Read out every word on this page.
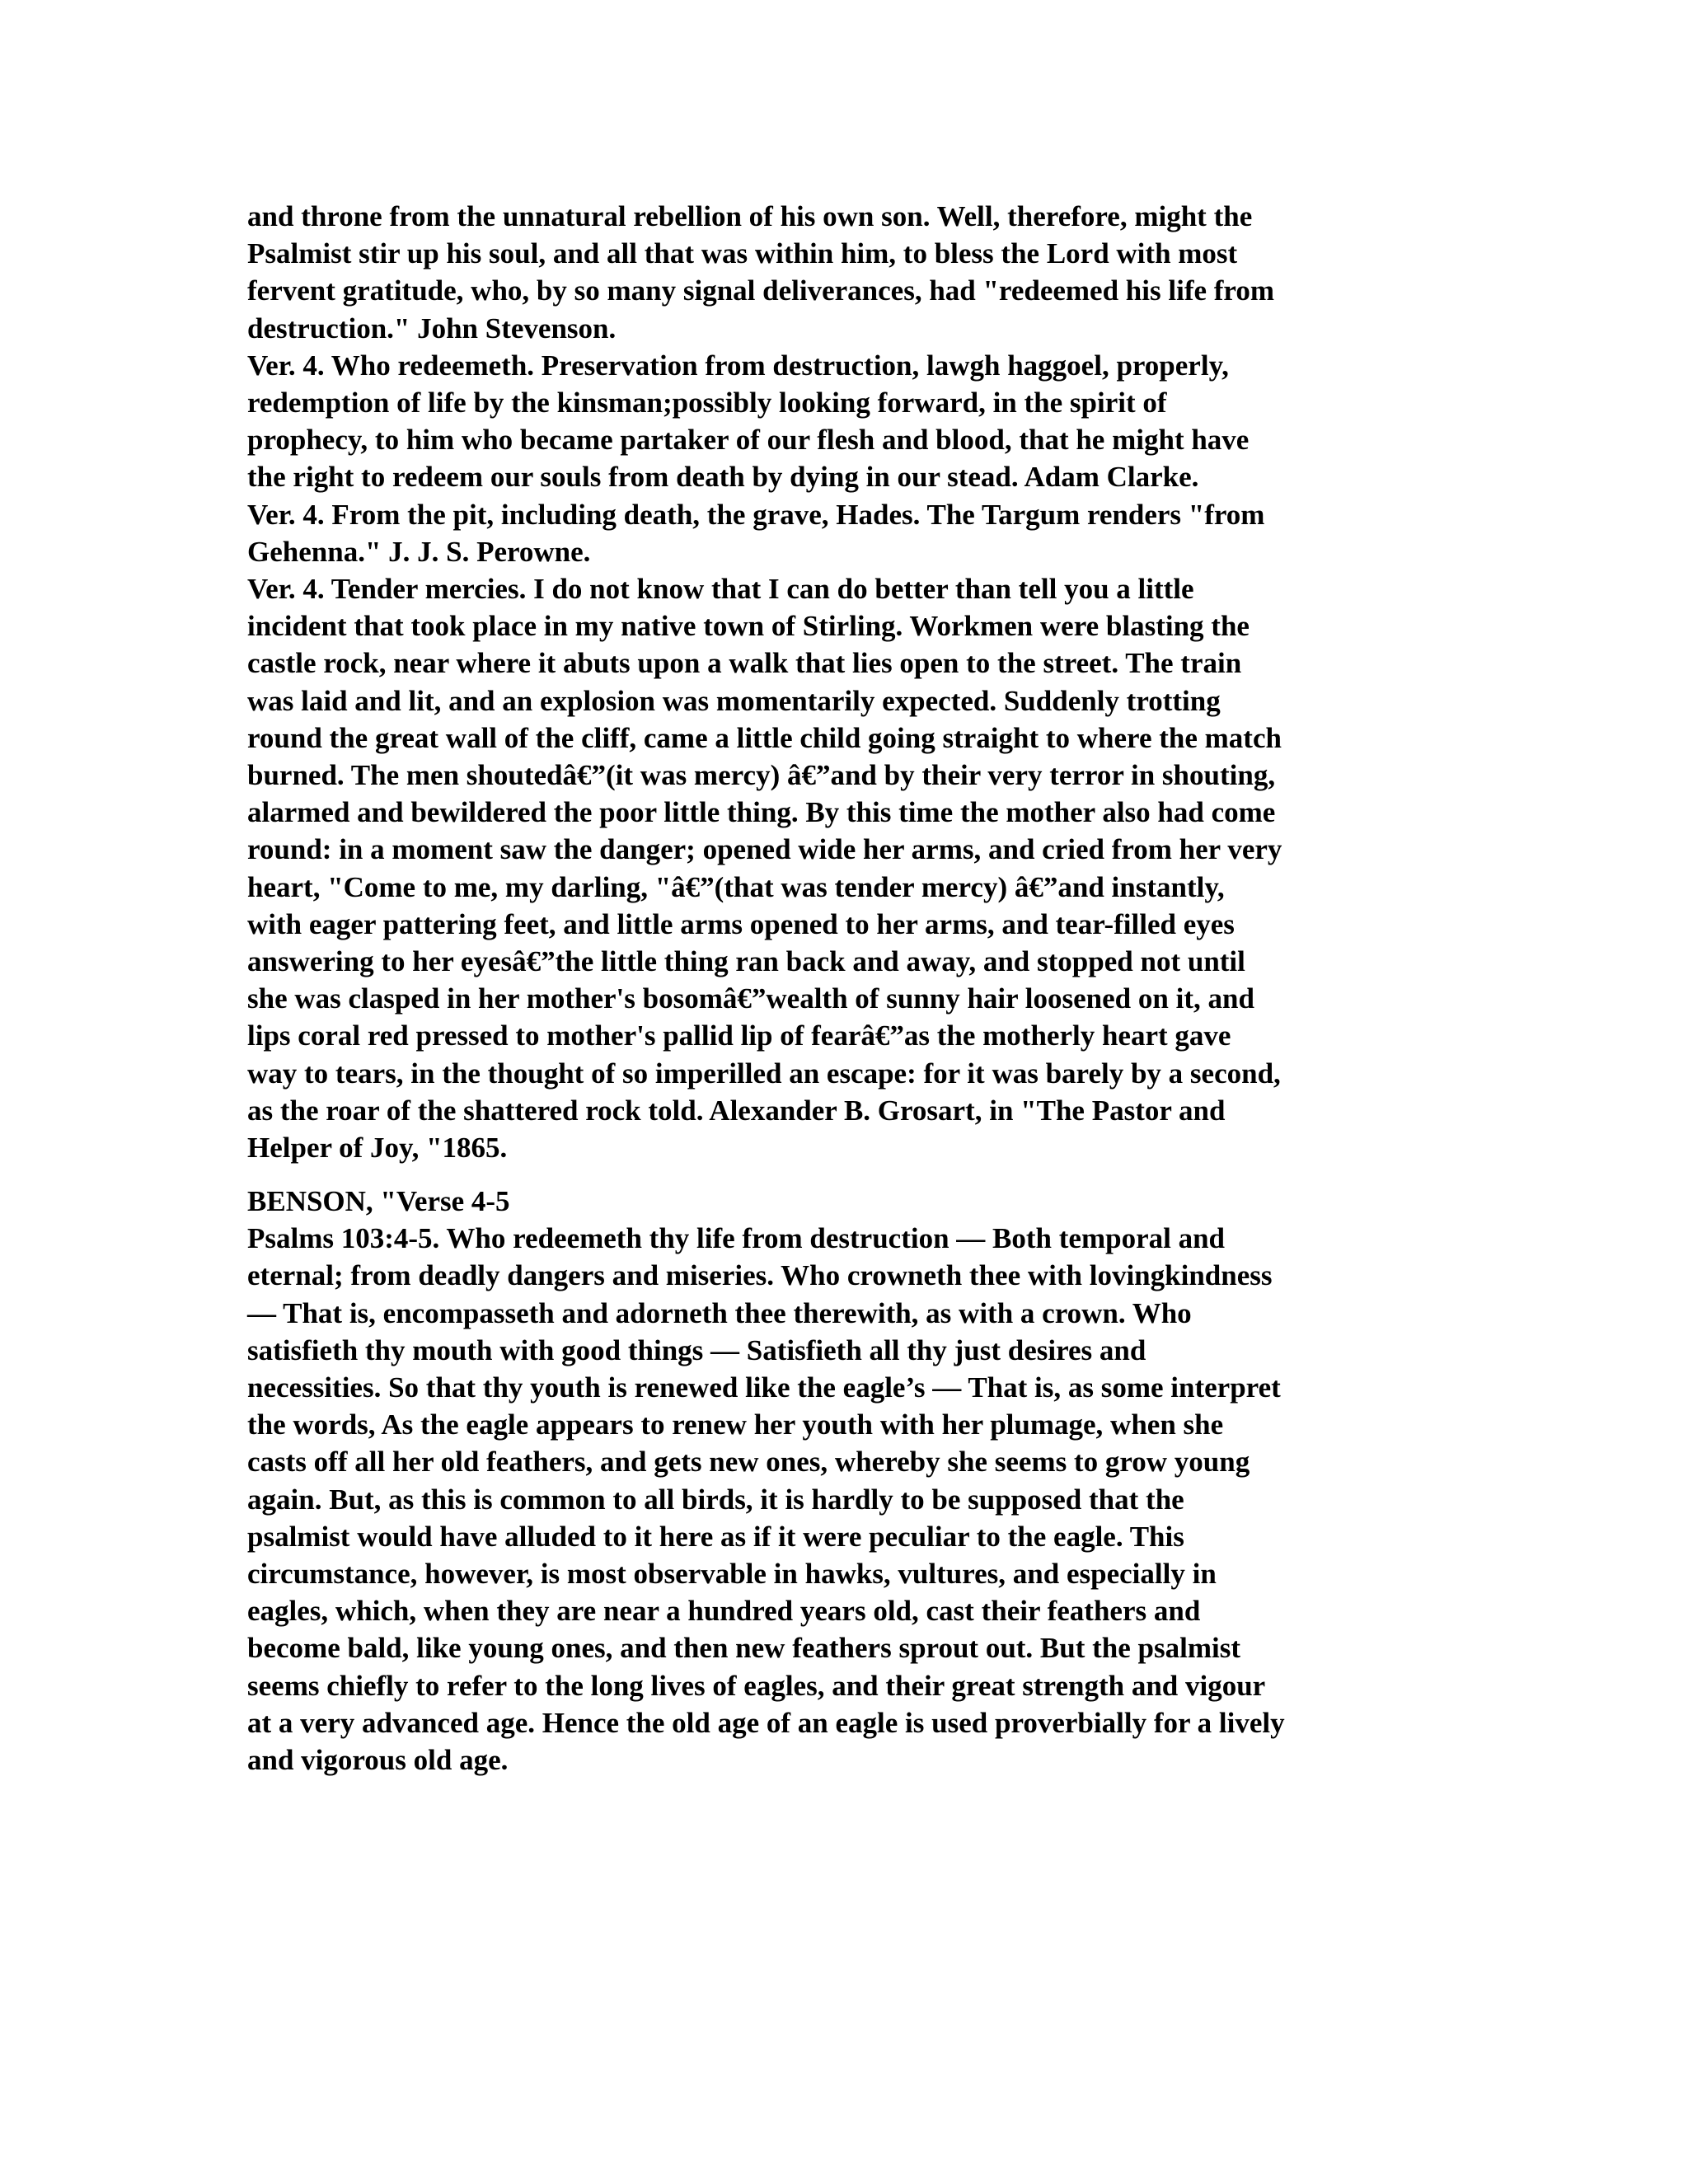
and throne from the unnatural rebellion of his own son. Well, therefore, might the
Psalmist stir up his soul, and all that was within him, to bless the Lord with most
fervent gratitude, who, by so many signal deliverances, had "redeemed his life from
destruction." John Stevenson.
Ver. 4. Who redeemeth. Preservation from destruction, lawgh haggoel, properly,
redemption of life by the kinsman;possibly looking forward, in the spirit of
prophecy, to him who became partaker of our flesh and blood, that he might have
the right to redeem our souls from death by dying in our stead. Adam Clarke.
Ver. 4. From the pit, including death, the grave, Hades. The Targum renders "from
Gehenna." J. J. S. Perowne.
Ver. 4. Tender mercies. I do not know that I can do better than tell you a little
incident that took place in my native town of Stirling. Workmen were blasting the
castle rock, near where it abuts upon a walk that lies open to the street. The train
was laid and lit, and an explosion was momentarily expected. Suddenly trotting
round the great wall of the cliff, came a little child going straight to where the match
burned. The men shoutedâ€”(it was mercy) â€”and by their very terror in shouting,
alarmed and bewildered the poor little thing. By this time the mother also had come
round: in a moment saw the danger; opened wide her arms, and cried from her very
heart, "Come to me, my darling, "â€”(that was tender mercy) â€”and instantly,
with eager pattering feet, and little arms opened to her arms, and tear-filled eyes
answering to her eyesâ€”the little thing ran back and away, and stopped not until
she was clasped in her mother's bosomâ€”wealth of sunny hair loosened on it, and
lips coral red pressed to mother's pallid lip of fearâ€”as the motherly heart gave
way to tears, in the thought of so imperilled an escape: for it was barely by a second,
as the roar of the shattered rock told. Alexander B. Grosart, in "The Pastor and
Helper of Joy, "1865.
BENSON, "Verse 4-5
Psalms 103:4-5. Who redeemeth thy life from destruction — Both temporal and
eternal; from deadly dangers and miseries. Who crowneth thee with lovingkindness
— That is, encompasseth and adorneth thee therewith, as with a crown. Who
satisfieth thy mouth with good things — Satisfieth all thy just desires and
necessities. So that thy youth is renewed like the eagle’s — That is, as some interpret
the words, As the eagle appears to renew her youth with her plumage, when she
casts off all her old feathers, and gets new ones, whereby she seems to grow young
again. But, as this is common to all birds, it is hardly to be supposed that the
psalmist would have alluded to it here as if it were peculiar to the eagle. This
circumstance, however, is most observable in hawks, vultures, and especially in
eagles, which, when they are near a hundred years old, cast their feathers and
become bald, like young ones, and then new feathers sprout out. But the psalmist
seems chiefly to refer to the long lives of eagles, and their great strength and vigour
at a very advanced age. Hence the old age of an eagle is used proverbially for a lively
and vigorous old age.
